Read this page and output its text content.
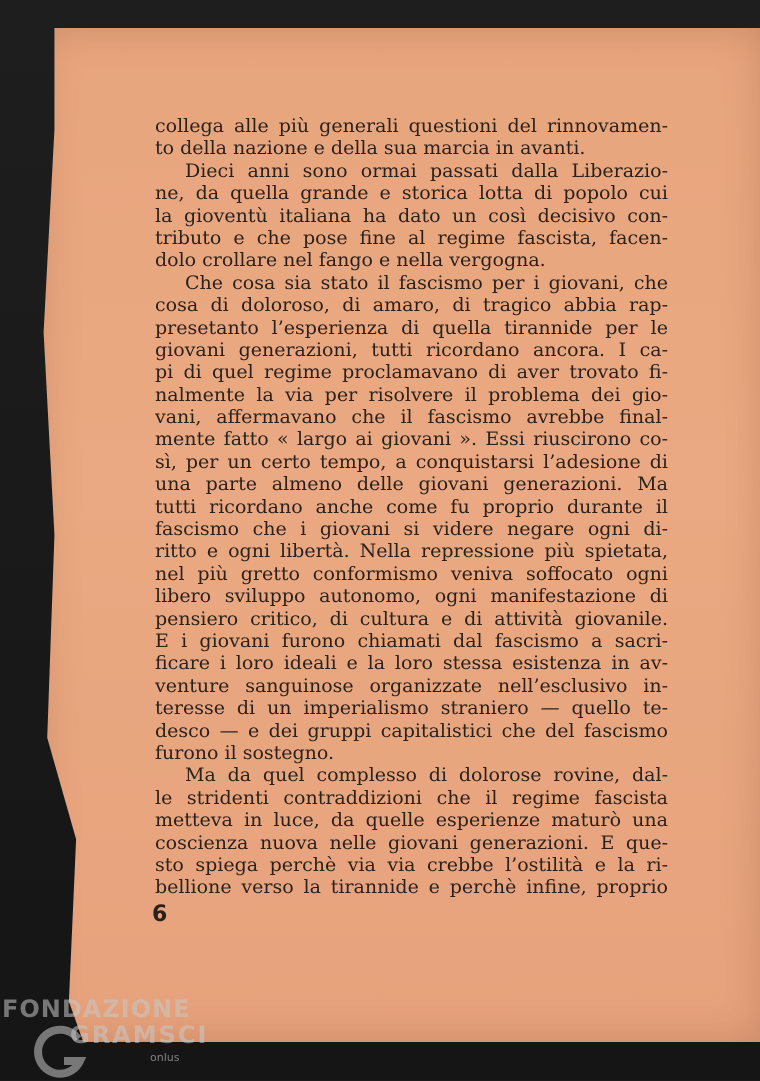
collega alle più generali questioni del rinnovamen-
to della nazione e della sua marcia in avanti.
Dieci anni sono ormai passati dalla Liberazio-
ne, da quella grande e storica lotta di popolo cui
la gioventù italiana ha dato un così decisivo con-
tributo e che pose fine al regime fascista, facen-
dolo crollare nel fango e nella vergogna.
Che cosa sia stato il fascismo per i giovani, che
cosa di doloroso, di amaro, di tragico abbia rap-
presetanto l’esperienza di quella tirannide per le
giovani generazioni, tutti ricordano ancora. I ca-
pi di quel regime proclamavano di aver trovato fi-
nalmente la via per risolvere il problema dei gio-
vani, affermavano che il fascismo avrebbe final-
mente fatto « largo ai giovani ». Essi riuscirono co-
sì, per un certo tempo, a conquistarsi l’adesione di
una parte almeno delle giovani generazioni. Ma
tutti ricordano anche come fu proprio durante il
fascismo che i giovani si videre negare ogni di-
ritto e ogni libertà. Nella repressione più spietata,
nel più gretto conformismo veniva soffocato ogni
libero sviluppo autonomo, ogni manifestazione di
pensiero critico, di cultura e di attività giovanile.
E i giovani furono chiamati dal fascismo a sacri-
ficare i loro ideali e la loro stessa esistenza in av-
venture sanguinose organizzate nell’esclusivo in-
teresse di un imperialismo straniero — quello te-
desco — e dei gruppi capitalistici che del fascismo
furono il sostegno.
Ma da quel complesso di dolorose rovine, dal-
le stridenti contraddizioni che il regime fascista
metteva in luce, da quelle esperienze maturò una
coscienza nuova nelle giovani generazioni. E que-
sto spiega perchè via via crebbe l’ostilità e la ri-
bellione verso la tirannide e perchè infine, proprio
6
FONDAZIONE
GRAMSCI
onlus
